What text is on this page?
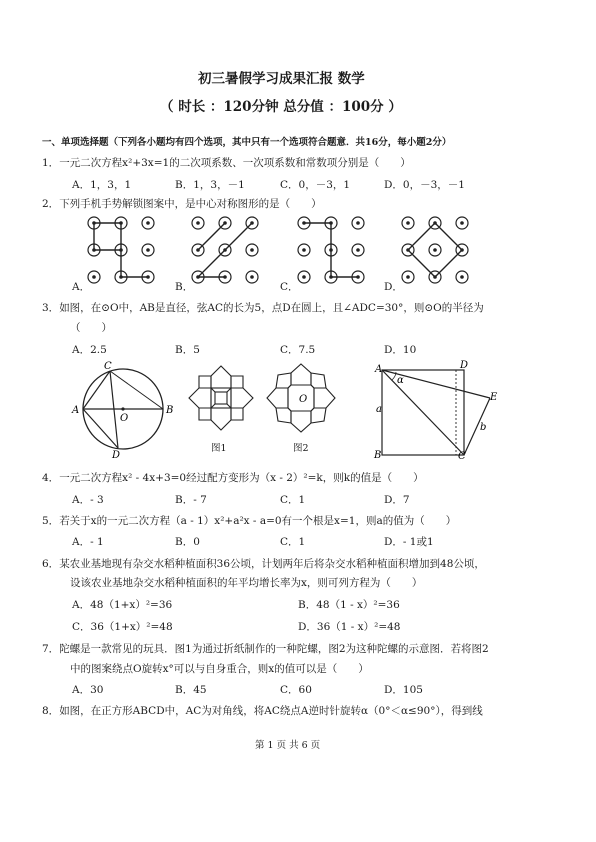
初三暑假学习成果汇报 数学
（ 时长 ：120分钟 总分值 ：100分 ）
一、单项选择题（下列各小题均有四个选项，其中只有一个选项符合题意．共16分，每小题2分）
1．一元二次方程x²+3x=1的二次项系数、一次项系数和常数项分别是（　　）
A．1，3，1	B．1，3，－1	C．0，－3，1	D．0，－3，－1
2．下列手机手势解锁图案中，是中心对称图形的是（　　）
A．	B．	C．	D．
3．如图，在⊙O中，AB是直径，弦AC的长为5，点D在圆上，且∠ADC=30°，则⊙O的半径为
（　　）
A．2.5	B．5	C．7.5	D．10
C
A
O
B
D
图1
O
图2
A	D
α
a
E
b
B	C
4．一元二次方程x² - 4x+3=0经过配方变形为（x - 2）²=k，则k的值是（　　）
A．- 3	B．- 7	C．1	D．7
5．若关于x的一元二次方程（a - 1）x²+a²x - a=0有一个根是x=1，则a的值为（　　）
A．- 1	B．0	C．1	D．- 1或1
6．某农业基地现有杂交水稻种植面积36公顷，计划两年后将杂交水稻种植面积增加到48公顷，
设该农业基地杂交水稻种植面积的年平均增长率为x，则可列方程为（　　）
A．48（1+x）²=36	B．48（1 - x）²=36
C．36（1+x）²=48	D．36（1 - x）²=48
7．陀螺是一款常见的玩具．图1为通过折纸制作的一种陀螺，图2为这种陀螺的示意图．若将图2
中的图案绕点O旋转x°可以与自身重合，则x的值可以是（　　）
A．30	B．45	C．60	D．105
8．如图，在正方形ABCD中，AC为对角线，将AC绕点A逆时针旋转α（0°＜α≤90°），得到线
第 1 页 共 6 页
